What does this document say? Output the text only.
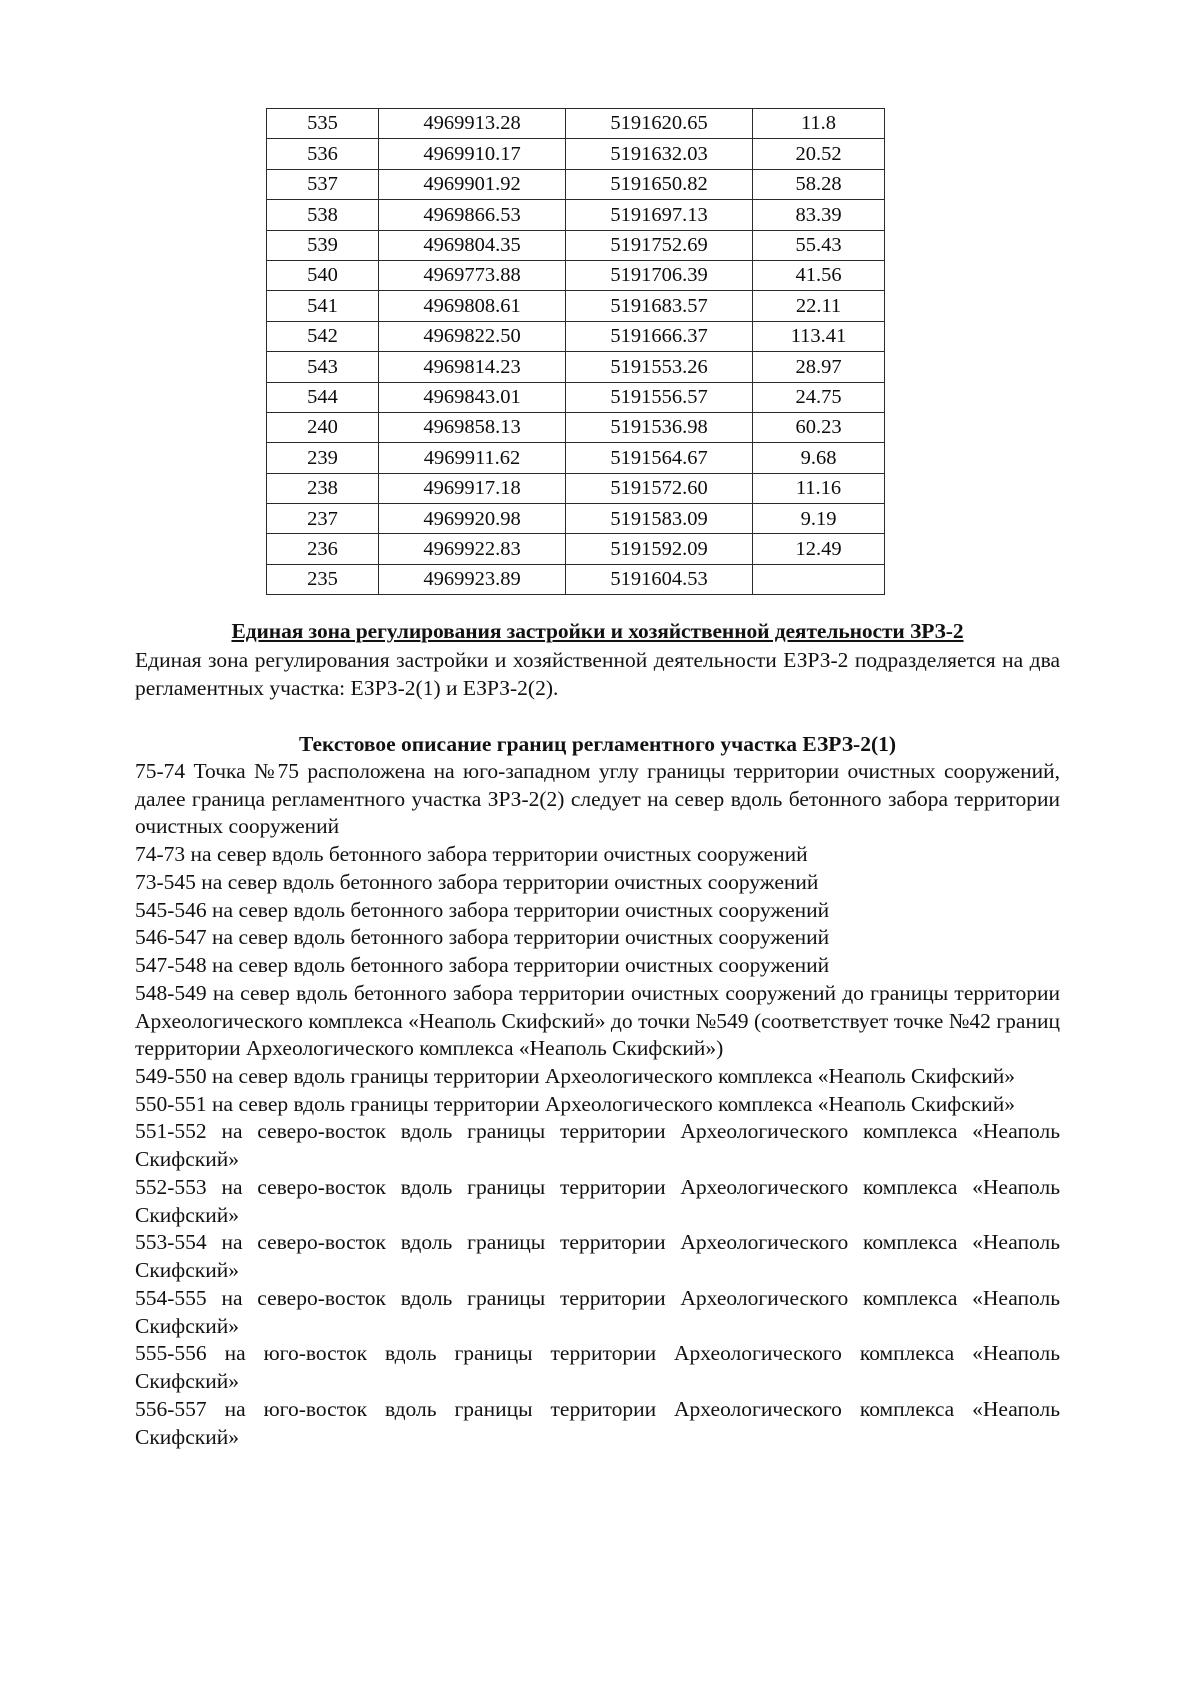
535	4969913.28	5191620.65	11.8
536	4969910.17	5191632.03	20.52
537	4969901.92	5191650.82	58.28
538	4969866.53	5191697.13	83.39
539	4969804.35	5191752.69	55.43
540	4969773.88	5191706.39	41.56
541	4969808.61	5191683.57	22.11
542	4969822.50	5191666.37	113.41
543	4969814.23	5191553.26	28.97
544	4969843.01	5191556.57	24.75
240	4969858.13	5191536.98	60.23
239	4969911.62	5191564.67	9.68
238	4969917.18	5191572.60	11.16
237	4969920.98	5191583.09	9.19
236	4969922.83	5191592.09	12.49
235	4969923.89	5191604.53	
Единая зона регулирования застройки и хозяйственной деятельности ЗРЗ-2

Единая зона регулирования застройки и хозяйственной деятельности ЕЗРЗ-2 подразделяется на два регламентных участка: ЕЗРЗ-2(1) и ЕЗРЗ-2(2).

Текстовое описание границ регламентного участка ЕЗРЗ-2(1)

75-74 Точка №75 расположена на юго-западном углу границы территории очистных сооружений, далее граница регламентного участка ЗРЗ-2(2) следует на север вдоль бетонного забора территории очистных сооружений

74-73 на север вдоль бетонного забора территории очистных сооружений

73-545 на север вдоль бетонного забора территории очистных сооружений

545-546 на север вдоль бетонного забора территории очистных сооружений

546-547 на север вдоль бетонного забора территории очистных сооружений

547-548 на север вдоль бетонного забора территории очистных сооружений

548-549 на север вдоль бетонного забора территории очистных сооружений до границы территории Археологического комплекса «Неаполь Скифский» до точки №549 (соответствует точке №42 границ территории Археологического комплекса «Неаполь Скифский»)

549-550 на север вдоль границы территории Археологического комплекса «Неаполь Скифский»

550-551 на север вдоль границы территории Археологического комплекса «Неаполь Скифский»

551-552 на северо-восток вдоль границы территории Археологического комплекса «Неаполь Скифский»

552-553 на северо-восток вдоль границы территории Археологического комплекса «Неаполь Скифский»

553-554 на северо-восток вдоль границы территории Археологического комплекса «Неаполь Скифский»

554-555 на северо-восток вдоль границы территории Археологического комплекса «Неаполь Скифский»

555-556 на юго-восток вдоль границы территории Археологического комплекса «Неаполь Скифский»

556-557 на юго-восток вдоль границы территории Археологического комплекса «Неаполь Скифский»
